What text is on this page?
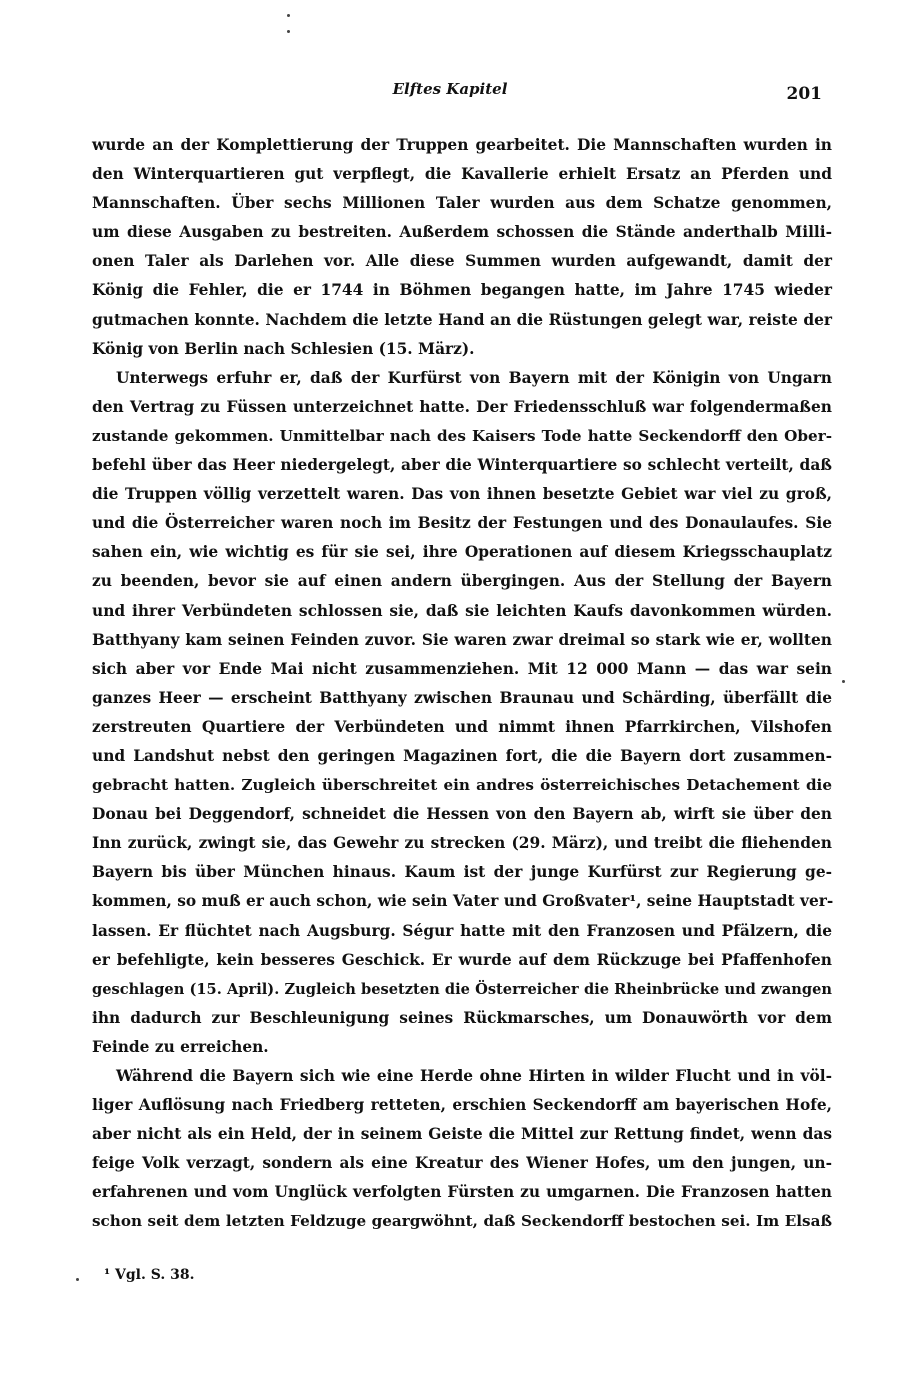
Elftes Kapitel	201
wurde an der Komplettierung der Truppen gearbeitet. Die Mannschaften wurden in
den Winterquartieren gut verpflegt, die Kavallerie erhielt Ersatz an Pferden und
Mannschaften. Über sechs Millionen Taler wurden aus dem Schatze genommen,
um diese Ausgaben zu bestreiten. Außerdem schossen die Stände anderthalb Milli-
onen Taler als Darlehen vor. Alle diese Summen wurden aufgewandt, damit der
König die Fehler, die er 1744 in Böhmen begangen hatte, im Jahre 1745 wieder
gutmachen konnte. Nachdem die letzte Hand an die Rüstungen gelegt war, reiste der
König von Berlin nach Schlesien (15. März).
Unterwegs erfuhr er, daß der Kurfürst von Bayern mit der Königin von Ungarn
den Vertrag zu Füssen unterzeichnet hatte. Der Friedensschluß war folgendermaßen
zustande gekommen. Unmittelbar nach des Kaisers Tode hatte Seckendorff den Ober-
befehl über das Heer niedergelegt, aber die Winterquartiere so schlecht verteilt, daß
die Truppen völlig verzettelt waren. Das von ihnen besetzte Gebiet war viel zu groß,
und die Österreicher waren noch im Besitz der Festungen und des Donaulaufes. Sie
sahen ein, wie wichtig es für sie sei, ihre Operationen auf diesem Kriegsschauplatz
zu beenden, bevor sie auf einen andern übergingen. Aus der Stellung der Bayern
und ihrer Verbündeten schlossen sie, daß sie leichten Kaufs davonkommen würden.
Batthyany kam seinen Feinden zuvor. Sie waren zwar dreimal so stark wie er, wollten
sich aber vor Ende Mai nicht zusammenziehen. Mit 12 000 Mann — das war sein
ganzes Heer — erscheint Batthyany zwischen Braunau und Schärding, überfällt die
zerstreuten Quartiere der Verbündeten und nimmt ihnen Pfarrkirchen, Vilshofen
und Landshut nebst den geringen Magazinen fort, die die Bayern dort zusammen-
gebracht hatten. Zugleich überschreitet ein andres österreichisches Detachement die
Donau bei Deggendorf, schneidet die Hessen von den Bayern ab, wirft sie über den
Inn zurück, zwingt sie, das Gewehr zu strecken (29. März), und treibt die fliehenden
Bayern bis über München hinaus. Kaum ist der junge Kurfürst zur Regierung ge-
kommen, so muß er auch schon, wie sein Vater und Großvater¹, seine Hauptstadt ver-
lassen. Er flüchtet nach Augsburg. Ségur hatte mit den Franzosen und Pfälzern, die
er befehligte, kein besseres Geschick. Er wurde auf dem Rückzuge bei Pfaffenhofen
geschlagen (15. April). Zugleich besetzten die Österreicher die Rheinbrücke und zwangen
ihn dadurch zur Beschleunigung seines Rückmarsches, um Donauwörth vor dem
Feinde zu erreichen.
Während die Bayern sich wie eine Herde ohne Hirten in wilder Flucht und in völ-
liger Auflösung nach Friedberg retteten, erschien Seckendorff am bayerischen Hofe,
aber nicht als ein Held, der in seinem Geiste die Mittel zur Rettung findet, wenn das
feige Volk verzagt, sondern als eine Kreatur des Wiener Hofes, um den jungen, un-
erfahrenen und vom Unglück verfolgten Fürsten zu umgarnen. Die Franzosen hatten
schon seit dem letzten Feldzuge geargwöhnt, daß Seckendorff bestochen sei. Im Elsaß
¹ Vgl. S. 38.
